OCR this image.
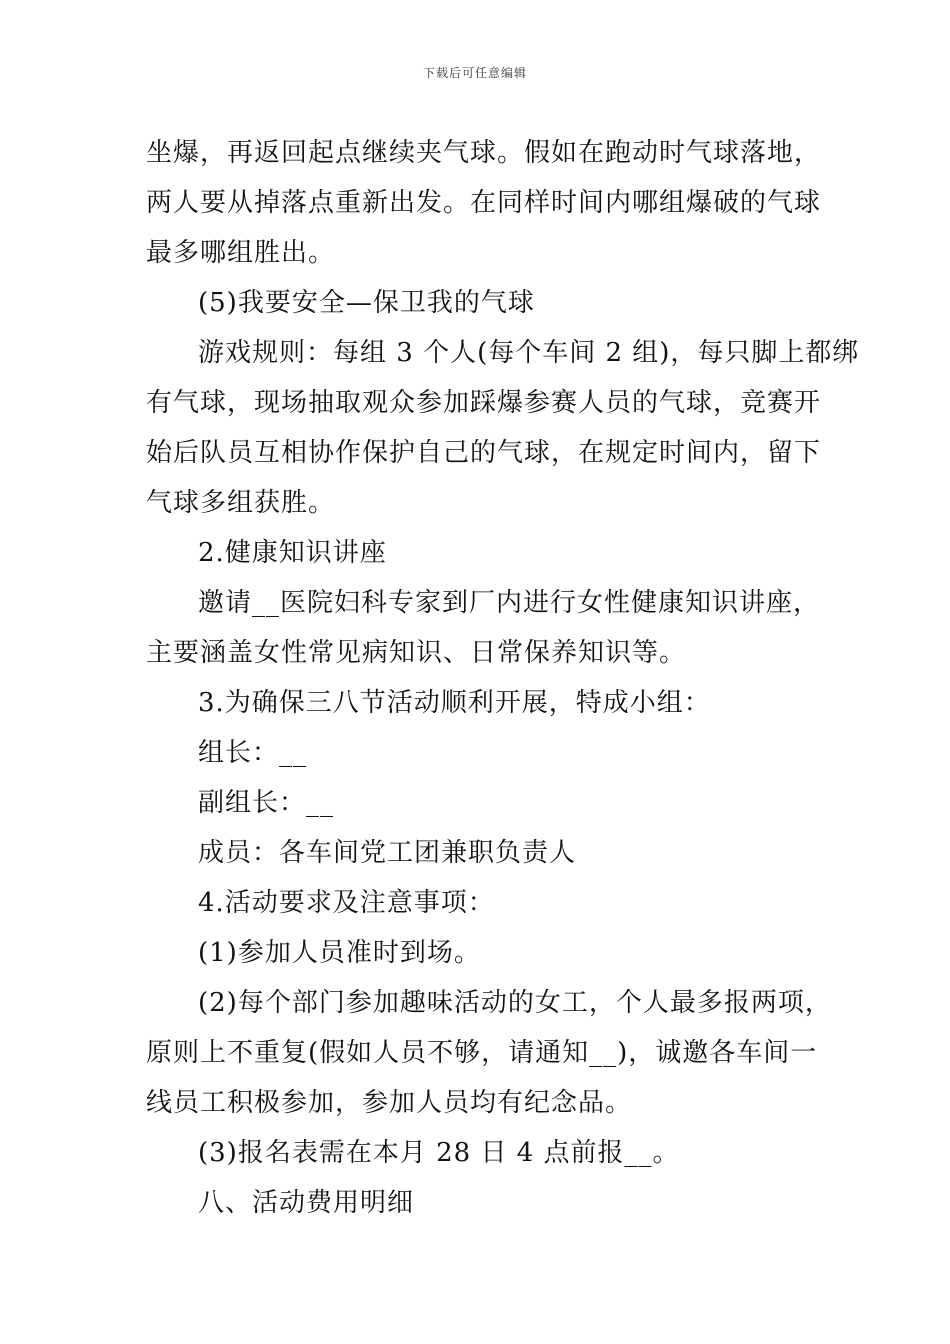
下载后可任意编辑
坐爆，再返回起点继续夹气球。假如在跑动时气球落地，
两人要从掉落点重新出发。在同样时间内哪组爆破的气球
最多哪组胜出。
(5)我要安全—保卫我的气球
游戏规则：每组 3 个人(每个车间 2 组)，每只脚上都绑
有气球，现场抽取观众参加踩爆参赛人员的气球，竞赛开
始后队员互相协作保护自己的气球，在规定时间内，留下
气球多组获胜。
2.健康知识讲座
邀请__医院妇科专家到厂内进行女性健康知识讲座，
主要涵盖女性常见病知识、日常保养知识等。
3.为确保三八节活动顺利开展，特成小组：
组长：__
副组长：__
成员：各车间党工团兼职负责人
4.活动要求及注意事项：
(1)参加人员准时到场。
(2)每个部门参加趣味活动的女工，个人最多报两项，
原则上不重复(假如人员不够，请通知__)，诚邀各车间一
线员工积极参加，参加人员均有纪念品。
(3)报名表需在本月 28 日 4 点前报__。
八、活动费用明细
